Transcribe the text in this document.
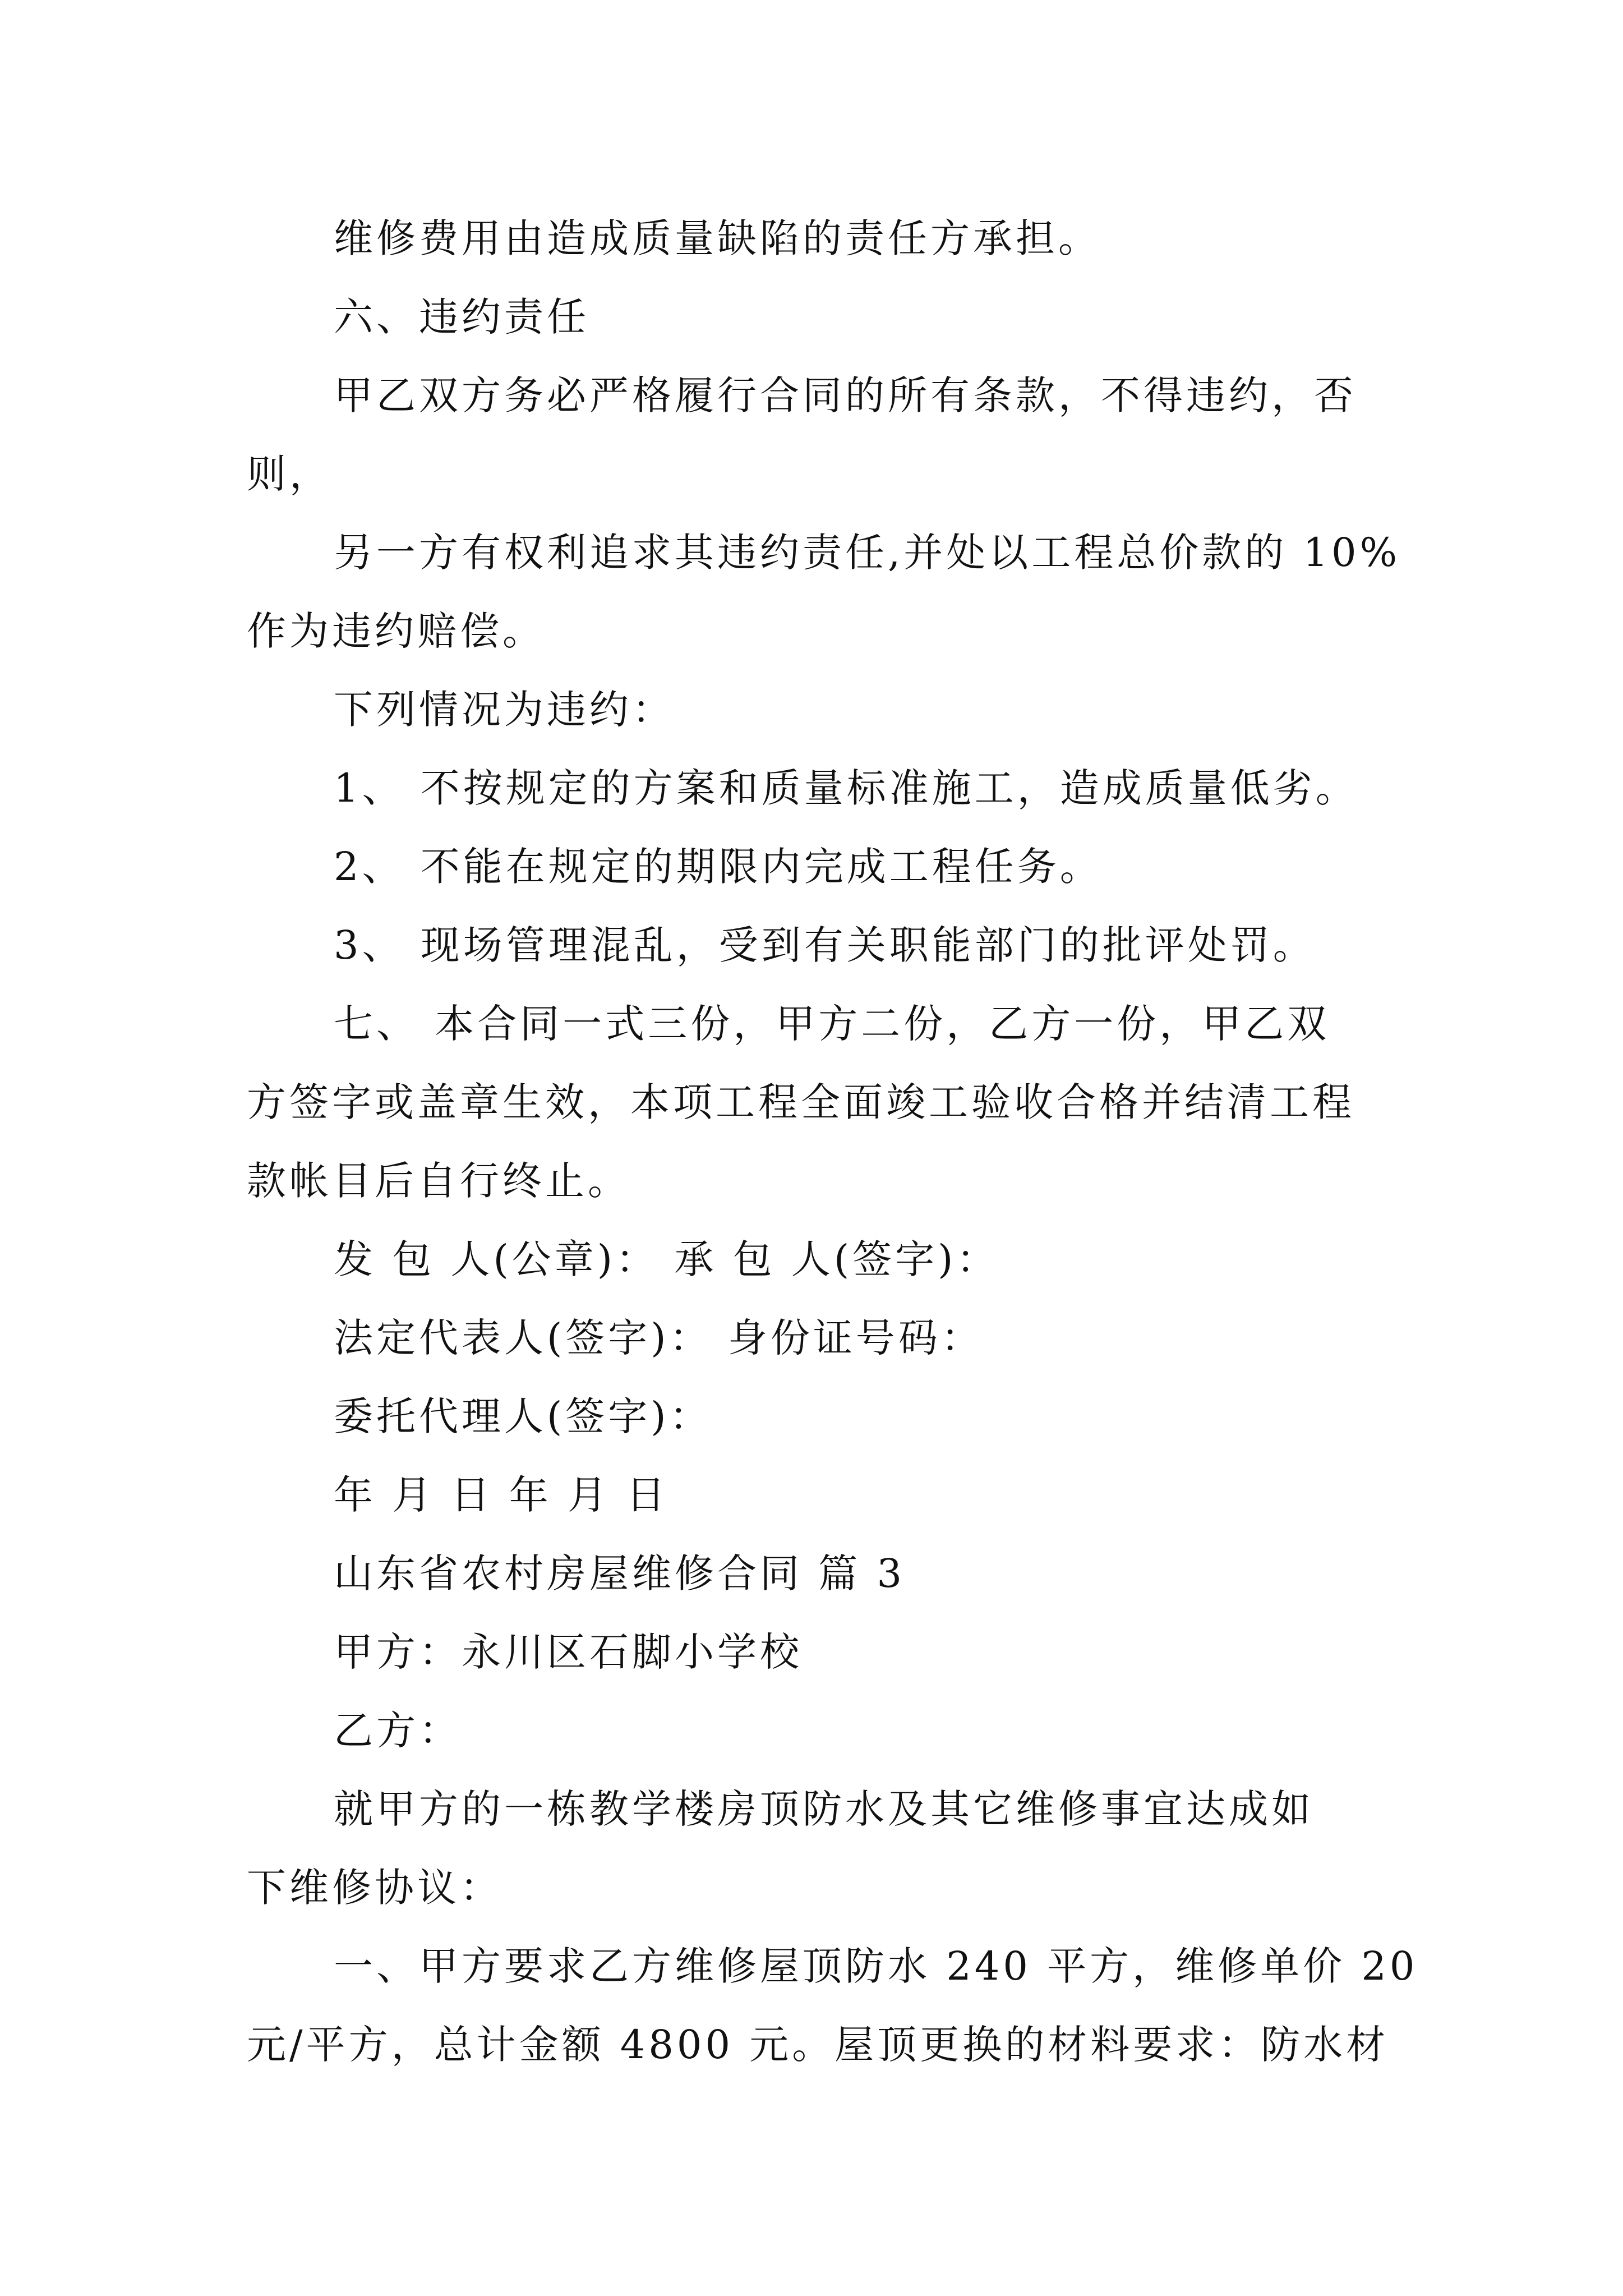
维修费用由造成质量缺陷的责任方承担。
六、违约责任
甲乙双方务必严格履行合同的所有条款，不得违约，否
则，
另一方有权利追求其违约责任,并处以工程总价款的 10%
作为违约赔偿。
下列情况为违约：
1、 不按规定的方案和质量标准施工，造成质量低劣。
2、 不能在规定的期限内完成工程任务。
3、 现场管理混乱，受到有关职能部门的批评处罚。
七、 本合同一式三份，甲方二份，乙方一份，甲乙双
方签字或盖章生效，本项工程全面竣工验收合格并结清工程
款帐目后自行终止。
发 包 人(公章)： 承 包 人(签字)：
法定代表人(签字)： 身份证号码：
委托代理人(签字)：
年 月 日 年 月 日
山东省农村房屋维修合同 篇 3
甲方：永川区石脚小学校
乙方：
就甲方的一栋教学楼房顶防水及其它维修事宜达成如
下维修协议：
一、甲方要求乙方维修屋顶防水 240 平方，维修单价 20
元/平方，总计金额 4800 元。屋顶更换的材料要求：防水材
